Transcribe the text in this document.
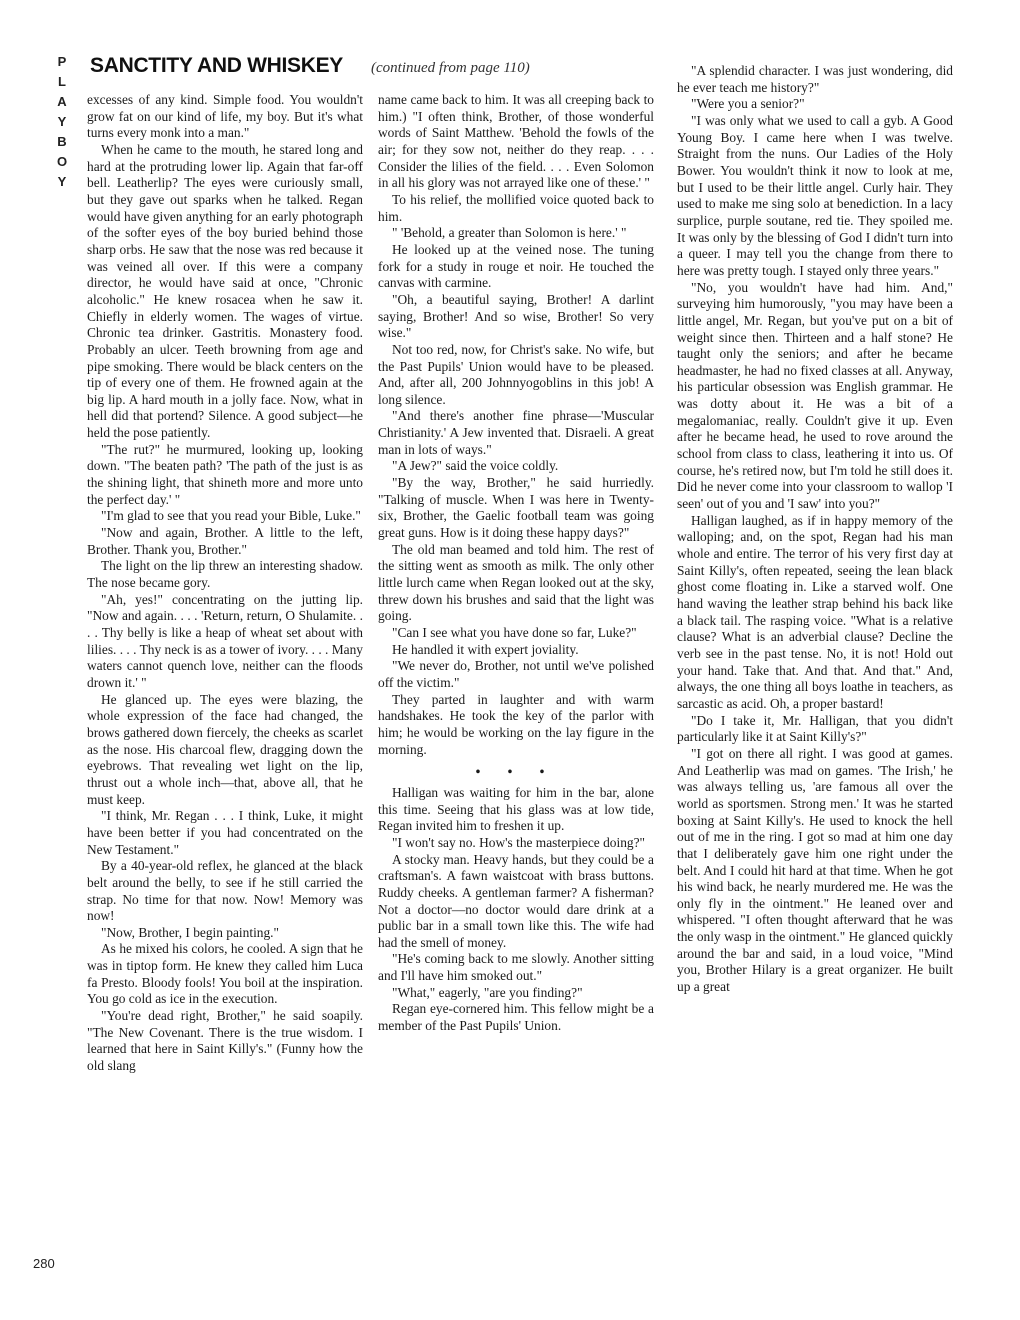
P
L
A
Y
B
O
Y
SANCTITY AND WHISKEY (continued from page 110)

excesses of any kind. Simple food. You wouldn't grow fat on our kind of life, my boy. But it's what turns every monk into a man."

When he came to the mouth, he stared long and hard at the protruding lower lip. Again that far-off bell. Leatherlip? The eyes were curiously small, but they gave out sparks when he talked. Regan would have given anything for an early photograph of the softer eyes of the boy buried behind those sharp orbs. He saw that the nose was red because it was veined all over. If this were a company director, he would have said at once, "Chronic alcoholic." He knew rosacea when he saw it. Chiefly in elderly women. The wages of virtue. Chronic tea drinker. Gastritis. Monastery food. Probably an ulcer. Teeth browning from age and pipe smoking. There would be black centers on the tip of every one of them. He frowned again at the big lip. A hard mouth in a jolly face. Now, what in hell did that portend? Silence. A good subject—he held the pose patiently.

"The rut?" he murmured, looking up, looking down. "The beaten path? 'The path of the just is as the shining light, that shineth more and more unto the perfect day.' "

"I'm glad to see that you read your Bible, Luke."

"Now and again, Brother. A little to the left, Brother. Thank you, Brother."

The light on the lip threw an interesting shadow. The nose became gory.

"Ah, yes!" concentrating on the jutting lip. "Now and again. . . . 'Return, return, O Shulamite. . . . Thy belly is like a heap of wheat set about with lilies. . . . Thy neck is as a tower of ivory. . . . Many waters cannot quench love, neither can the floods drown it.' "

He glanced up. The eyes were blazing, the whole expression of the face had changed, the brows gathered down fiercely, the cheeks as scarlet as the nose. His charcoal flew, dragging down the eyebrows. That revealing wet light on the lip, thrust out a whole inch—that, above all, that he must keep.

"I think, Mr. Regan . . . I think, Luke, it might have been better if you had concentrated on the New Testament."

By a 40-year-old reflex, he glanced at the black belt around the belly, to see if he still carried the strap. No time for that now. Now! Memory was now!

"Now, Brother, I begin painting."

As he mixed his colors, he cooled. A sign that he was in tiptop form. He knew they called him Luca fa Presto. Bloody fools! You boil at the inspiration. You go cold as ice in the execution.

"You're dead right, Brother," he said soapily. "The New Covenant. There is the true wisdom. I learned that here in Saint Killy's." (Funny how the old slang

name came back to him. It was all creeping back to him.) "I often think, Brother, of those wonderful words of Saint Matthew. 'Behold the fowls of the air; for they sow not, neither do they reap. . . . Consider the lilies of the field. . . . Even Solomon in all his glory was not arrayed like one of these.' "

To his relief, the mollified voice quoted back to him.

" 'Behold, a greater than Solomon is here.' "

He looked up at the veined nose. The tuning fork for a study in rouge et noir. He touched the canvas with carmine.

"Oh, a beautiful saying, Brother! A darlint saying, Brother! And so wise, Brother! So very wise."

Not too red, now, for Christ's sake. No wife, but the Past Pupils' Union would have to be pleased. And, after all, 200 Johnnyogoblins in this job! A long silence.

"And there's another fine phrase—'Muscular Christianity.' A Jew invented that. Disraeli. A great man in lots of ways."

"A Jew?" said the voice coldly.

"By the way, Brother," he said hurriedly. "Talking of muscle. When I was here in Twenty-six, Brother, the Gaelic football team was going great guns. How is it doing these happy days?"

The old man beamed and told him. The rest of the sitting went as smooth as milk. The only other little lurch came when Regan looked out at the sky, threw down his brushes and said that the light was going.

"Can I see what you have done so far, Luke?"

He handled it with expert joviality.

"We never do, Brother, not until we've polished off the victim."

They parted in laughter and with warm handshakes. He took the key of the parlor with him; he would be working on the lay figure in the morning.

• • •

Halligan was waiting for him in the bar, alone this time. Seeing that his glass was at low tide, Regan invited him to freshen it up.

"I won't say no. How's the masterpiece doing?"

A stocky man. Heavy hands, but they could be a craftsman's. A fawn waistcoat with brass buttons. Ruddy cheeks. A gentleman farmer? A fisherman? Not a doctor—no doctor would dare drink at a public bar in a small town like this. The wife had had the smell of money.

"He's coming back to me slowly. Another sitting and I'll have him smoked out."

"What," eagerly, "are you finding?"

Regan eye-cornered him. This fellow might be a member of the Past Pupils' Union.

"A splendid character. I was just wondering, did he ever teach me history?"

"Were you a senior?"

"I was only what we used to call a gyb. A Good Young Boy. I came here when I was twelve. Straight from the nuns. Our Ladies of the Holy Bower. You wouldn't think it now to look at me, but I used to be their little angel. Curly hair. They used to make me sing solo at benediction. In a lacy surplice, purple soutane, red tie. They spoiled me. It was only by the blessing of God I didn't turn into a queer. I may tell you the change from there to here was pretty tough. I stayed only three years."

"No, you wouldn't have had him. And," surveying him humorously, "you may have been a little angel, Mr. Regan, but you've put on a bit of weight since then. Thirteen and a half stone? He taught only the seniors; and after he became headmaster, he had no fixed classes at all. Anyway, his particular obsession was English grammar. He was dotty about it. He was a bit of a megalomaniac, really. Couldn't give it up. Even after he became head, he used to rove around the school from class to class, leathering it into us. Of course, he's retired now, but I'm told he still does it. Did he never come into your classroom to wallop 'I seen' out of you and 'I saw' into you?"

Halligan laughed, as if in happy memory of the walloping; and, on the spot, Regan had his man whole and entire. The terror of his very first day at Saint Killy's, often repeated, seeing the lean black ghost come floating in. Like a starved wolf. One hand waving the leather strap behind his back like a black tail. The rasping voice. "What is a relative clause? What is an adverbial clause? Decline the verb see in the past tense. No, it is not! Hold out your hand. Take that. And that. And that." And, always, the one thing all boys loathe in teachers, as sarcastic as acid. Oh, a proper bastard!

"Do I take it, Mr. Halligan, that you didn't particularly like it at Saint Killy's?"

"I got on there all right. I was good at games. And Leatherlip was mad on games. 'The Irish,' he was always telling us, 'are famous all over the world as sportsmen. Strong men.' It was he started boxing at Saint Killy's. He used to knock the hell out of me in the ring. I got so mad at him one day that I deliberately gave him one right under the belt. And I could hit hard at that time. When he got his wind back, he nearly murdered me. He was the only fly in the ointment." He leaned over and whispered. "I often thought afterward that he was the only wasp in the ointment." He glanced quickly around the bar and said, in a loud voice, "Mind you, Brother Hilary is a great organizer. He built up a great

280
